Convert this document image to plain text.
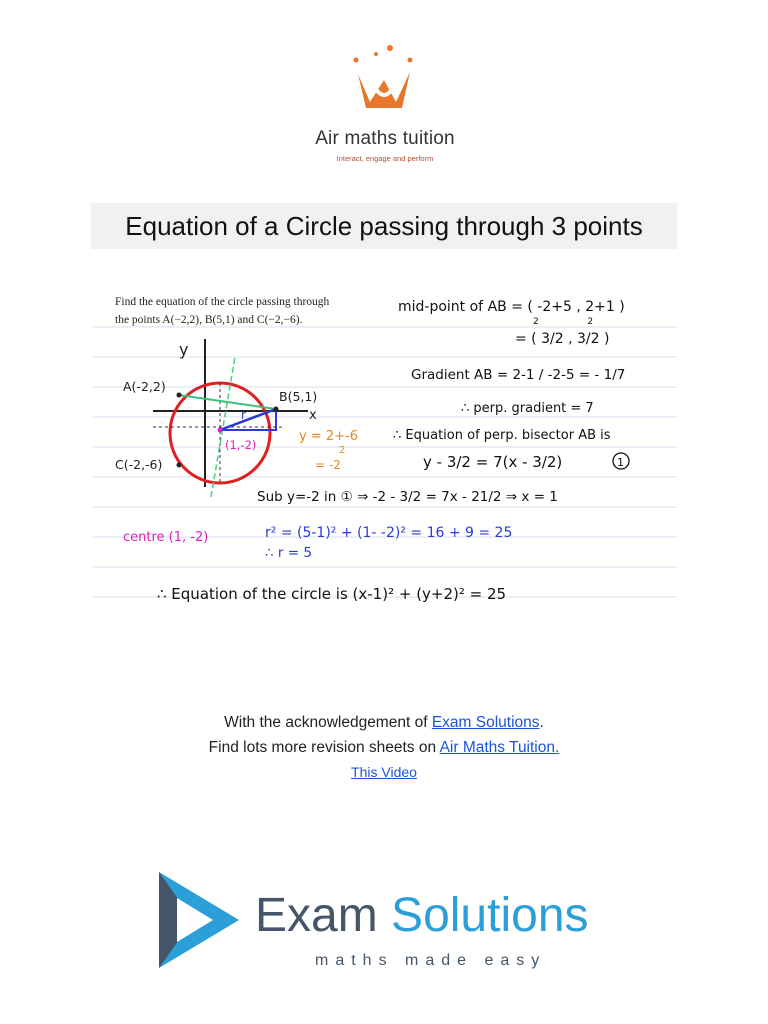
Air maths tuition
Interact, engage and perform
Equation of a Circle passing through 3 points
Find the equation of the circle passing through
the points A(−2,2), B(5,1) and C(−2,−6).
y
x
A(-2,2)
B(5,1)
C(-2,-6)
(1,-2)
r
y = 2+-6
2
= -2
mid-point of AB = ( -2+5 , 2+1 )
2                 2
= ( 3/2 , 3/2 )
Gradient AB = 2-1 / -2-5 = - 1/7
∴ perp. gradient = 7
∴ Equation of perp. bisector AB is
y - 3/2 = 7(x - 3/2)	1
Sub y=-2 in ① ⇒ -2 - 3/2 = 7x - 21/2 ⇒ x = 1
centre (1, -2)	r² = (5-1)² + (1- -2)² = 16 + 9 = 25
∴ r = 5
∴ Equation of the circle is (x-1)² + (y+2)² = 25
With the acknowledgement of Exam Solutions.
Find lots more revision sheets on Air Maths Tuition.
This Video
Exam Solutions
maths made easy
